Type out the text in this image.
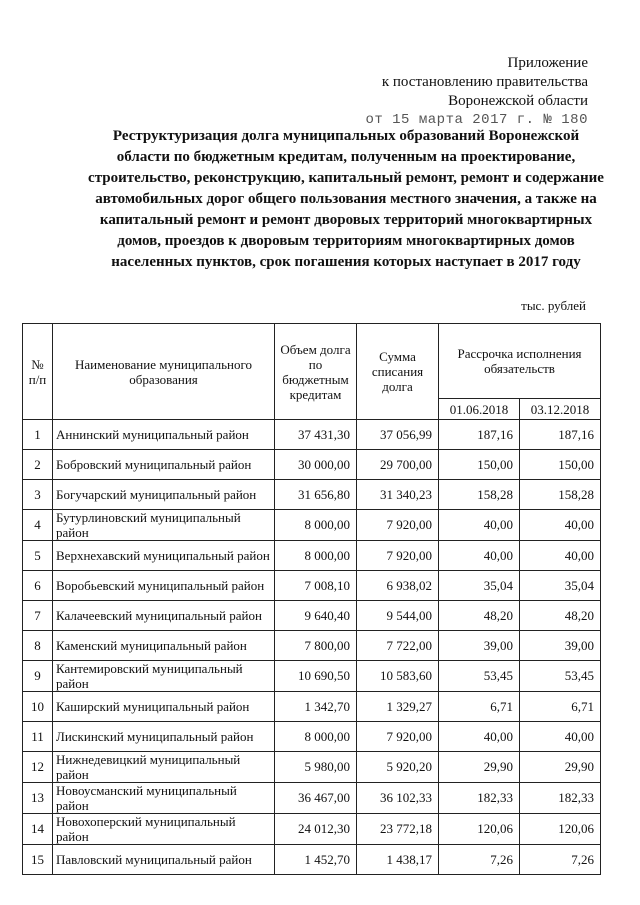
Приложение
к постановлению правительства
Воронежской области
от 15 марта 2017 г. № 180
Реструктуризация долга муниципальных образований Воронежской области по бюджетным кредитам, полученным на проектирование, строительство, реконструкцию, капитальный ремонт, ремонт и содержание автомобильных дорог общего пользования местного значения, а также на капитальный ремонт и ремонт дворовых территорий многоквартирных домов, проездов к дворовым территориям многоквартирных домов населенных пунктов, срок погашения которых наступает в 2017 году
тыс. рублей
№ п/п	Наименование муниципального образования	Объем долга по бюджетным кредитам	Сумма списания долга	Рассрочка исполнения обязательств	
				01.06.2018	03.12.2018
1	Аннинский муниципальный район	37 431,30	37 056,99	187,16	187,16
2	Бобровский муниципальный район	30 000,00	29 700,00	150,00	150,00
3	Богучарский муниципальный район	31 656,80	31 340,23	158,28	158,28
4	Бутурлиновский муниципальный район	8 000,00	7 920,00	40,00	40,00
5	Верхнехавский муниципальный район	8 000,00	7 920,00	40,00	40,00
6	Воробьевский муниципальный район	7 008,10	6 938,02	35,04	35,04
7	Калачеевский муниципальный район	9 640,40	9 544,00	48,20	48,20
8	Каменский муниципальный район	7 800,00	7 722,00	39,00	39,00
9	Кантемировский муниципальный район	10 690,50	10 583,60	53,45	53,45
10	Каширский муниципальный район	1 342,70	1 329,27	6,71	6,71
11	Лискинский муниципальный район	8 000,00	7 920,00	40,00	40,00
12	Нижнедевицкий муниципальный район	5 980,00	5 920,20	29,90	29,90
13	Новоусманский муниципальный район	36 467,00	36 102,33	182,33	182,33
14	Новохоперский муниципальный район	24 012,30	23 772,18	120,06	120,06
15	Павловский муниципальный район	1 452,70	1 438,17	7,26	7,26
